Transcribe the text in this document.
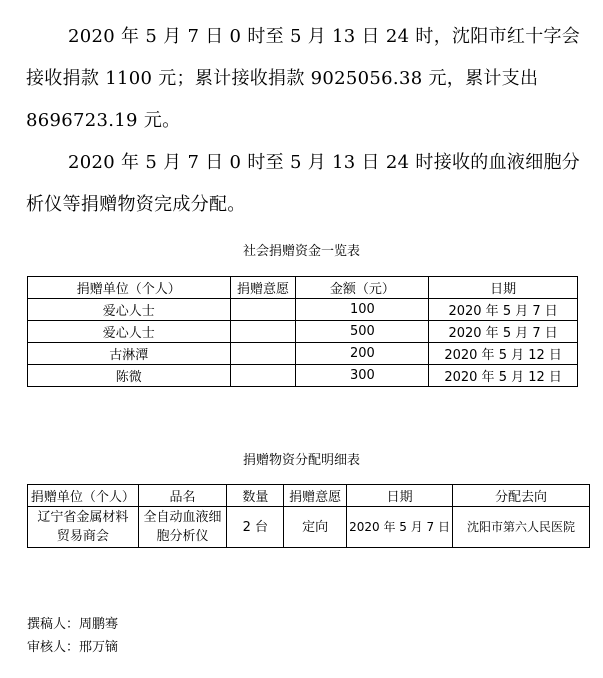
2020 年 5 月 7 日 0 时至 5 月 13 日 24 时，沈阳市红十字会接收捐款 1100 元；累计接收捐款 9025056.38 元，累计支出 8696723.19 元。
2020 年 5 月 7 日 0 时至 5 月 13 日 24 时接收的血液细胞分析仪等捐赠物资完成分配。
社会捐赠资金一览表
捐赠单位（个人）	捐赠意愿	金额（元）	日期
爱心人士		100	2020 年 5 月 7 日
爱心人士		500	2020 年 5 月 7 日
古淋潭		200	2020 年 5 月 12 日
陈微		300	2020 年 5 月 12 日
捐赠物资分配明细表
捐赠单位（个人）	品名	数量	捐赠意愿	日期	分配去向
辽宁省金属材料贸易商会	全自动血液细胞分析仪	2 台	定向	2020 年 5 月 7 日	沈阳市第六人民医院
撰稿人：周鹏骞
审核人：邢万镝
